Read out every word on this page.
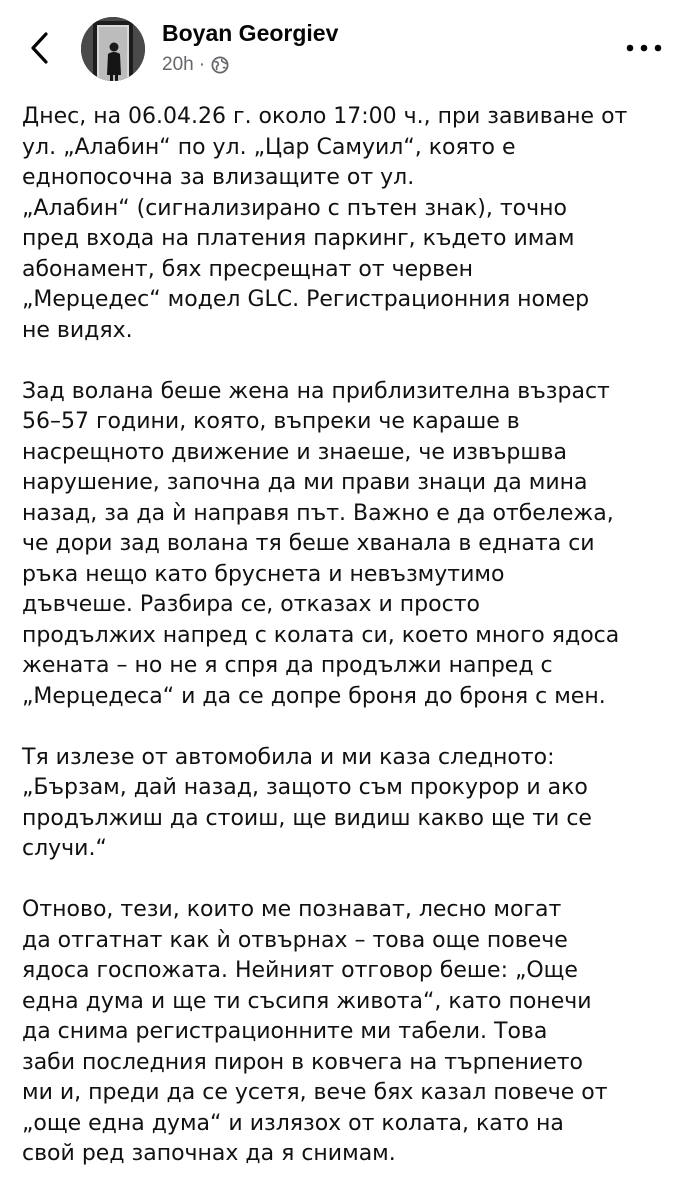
Boyan Georgiev
20h ·

Днес, на 06.04.26 г. около 17:00 ч., при завиване от
ул. „Алабин“ по ул. „Цар Самуил“, която е
еднопосочна за влизащите от ул.
„Алабин“ (сигнализирано с пътен знак), точно
пред входа на платения паркинг, където имам
абонамент, бях пресрещнат от червен
„Мерцедес“ модел GLC. Регистрационния номер
не видях.

Зад волана беше жена на приблизителна възраст
56–57 години, която, въпреки че караше в
насрещното движение и знаеше, че извършва
нарушение, започна да ми прави знаци да мина
назад, за да ѝ направя път. Важно е да отбележа,
че дори зад волана тя беше хванала в едната си
ръка нещо като бруснета и невъзмутимо
дъвчеше. Разбира се, отказах и просто
продължих напред с колата си, което много ядоса
жената – но не я спря да продължи напред с
„Мерцедеса“ и да се допре броня до броня с мен.

Тя излезе от автомобила и ми каза следното:
„Бързам, дай назад, защото съм прокурор и ако
продължиш да стоиш, ще видиш какво ще ти се
случи.“

Отново, тези, които ме познават, лесно могат
да отгатнат как ѝ отвърнах – това още повече
ядоса госпожата. Нейният отговор беше: „Още
една дума и ще ти съсипя живота“, като понечи
да снима регистрационните ми табели. Това
заби последния пирон в ковчега на търпението
ми и, преди да се усетя, вече бях казал повече от
„още една дума“ и излязох от колата, като на
свой ред започнах да я снимам.
